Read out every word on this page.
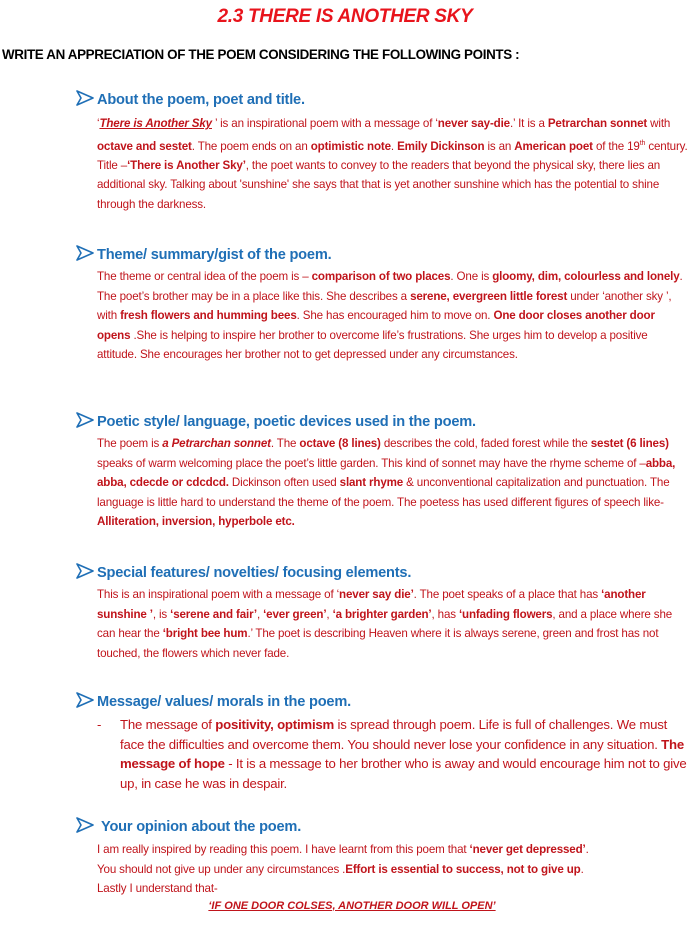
2.3 THERE IS ANOTHER SKY
WRITE AN APPRECIATION OF THE POEM CONSIDERING THE FOLLOWING POINTS :
About the poem, poet and title.

‘There is Another Sky ’ is an inspirational poem with a message of ‘never say-die.’ It is a Petrarchan sonnet with octave and sestet. The poem ends on an optimistic note. Emily Dickinson is an American poet of the 19th century. Title –‘There is Another Sky’, the poet wants to convey to the readers that beyond the physical sky, there lies an additional sky. Talking about 'sunshine' she says that that is yet another sunshine which has the potential to shine through the darkness.

Theme/ summary/gist of the poem.

The theme or central idea of the poem is – comparison of two places. One is gloomy, dim, colourless and lonely. The poet’s brother may be in a place like this. She describes a serene, evergreen little forest under ‘another sky ’, with fresh flowers and humming bees. She has encouraged him to move on. One door closes another door opens .She is helping to inspire her brother to overcome life’s frustrations. She urges him to develop a positive attitude. She encourages her brother not to get depressed under any circumstances.

Poetic style/ language, poetic devices used in the poem.

The poem is a Petrarchan sonnet. The octave (8 lines) describes the cold, faded forest while the sestet (6 lines) speaks of warm welcoming place the poet’s little garden. This kind of sonnet may have the rhyme scheme of –abba, abba, cdecde or cdcdcd. Dickinson often used slant rhyme & unconventional capitalization and punctuation. The language is little hard to understand the theme of the poem. The poetess has used different figures of speech like-Alliteration, inversion, hyperbole etc.

Special features/ novelties/ focusing elements.

This is an inspirational poem with a message of ‘never say die’. The poet speaks of a place that has ‘another sunshine ’, is ‘serene and fair’, ‘ever green’, ‘a brighter garden’, has ‘unfading flowers, and a place where she can hear the ‘bright bee hum.’ The poet is describing Heaven where it is always serene, green and frost has not touched, the flowers which never fade.

Message/ values/ morals in the poem.
- The message of positivity, optimism is spread through poem. Life is full of challenges. We must face the difficulties and overcome them. You should never lose your confidence in any situation. The message of hope - It is a message to her brother who is away and would encourage him not to give up, in case he was in despair.
Your opinion about the poem.

I am really inspired by reading this poem. I have learnt from this poem that ‘never get depressed’.
You should not give up under any circumstances .Effort is essential to success, not to give up.
Lastly I understand that-

‘IF ONE DOOR COLSES, ANOTHER DOOR WILL OPEN’
